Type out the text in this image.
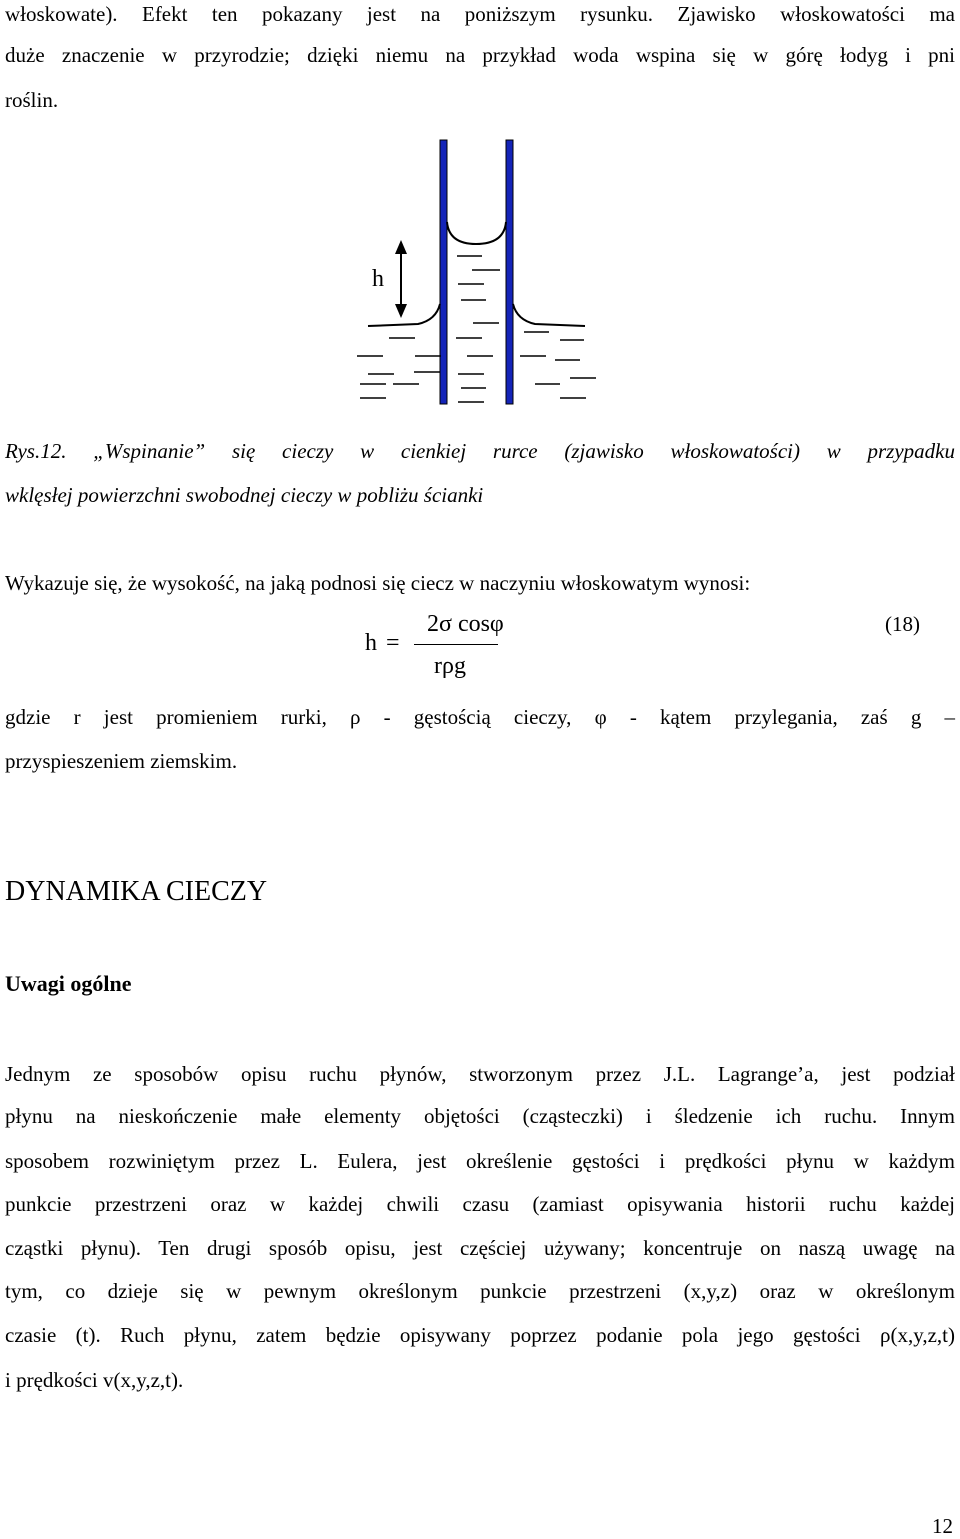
włoskowate). Efekt ten pokazany jest na poniższym rysunku. Zjawisko włoskowatości ma
duże znaczenie w przyrodzie; dzięki niemu na przykład woda wspina się w górę łodyg i pni
roślin.
h
Rys.12. „Wspinanie” się cieczy w cienkiej rurce (zjawisko włoskowatości) w przypadku
wklęsłej powierzchni swobodnej cieczy w pobliżu ścianki
Wykazuje się, że wysokość, na jaką podnosi się ciecz w naczyniu włoskowatym wynosi:
h =
2σ cosφ
rρg
(18)
gdzie r jest promieniem rurki, ρ - gęstością cieczy, φ - kątem przylegania, zaś g –
przyspieszeniem ziemskim.
DYNAMIKA CIECZY
Uwagi ogólne
Jednym ze sposobów opisu ruchu płynów, stworzonym przez J.L. Lagrange’a, jest podział
płynu na nieskończenie małe elementy objętości (cząsteczki) i śledzenie ich ruchu. Innym
sposobem rozwiniętym przez L. Eulera, jest określenie gęstości i prędkości płynu w każdym
punkcie przestrzeni oraz w każdej chwili czasu (zamiast opisywania historii ruchu każdej
cząstki płynu). Ten drugi sposób opisu, jest częściej używany; koncentruje on naszą uwagę na
tym, co dzieje się w pewnym określonym punkcie przestrzeni (x,y,z) oraz w określonym
czasie (t). Ruch płynu, zatem będzie opisywany poprzez podanie pola jego gęstości ρ(x,y,z,t)
i prędkości v(x,y,z,t).
12
